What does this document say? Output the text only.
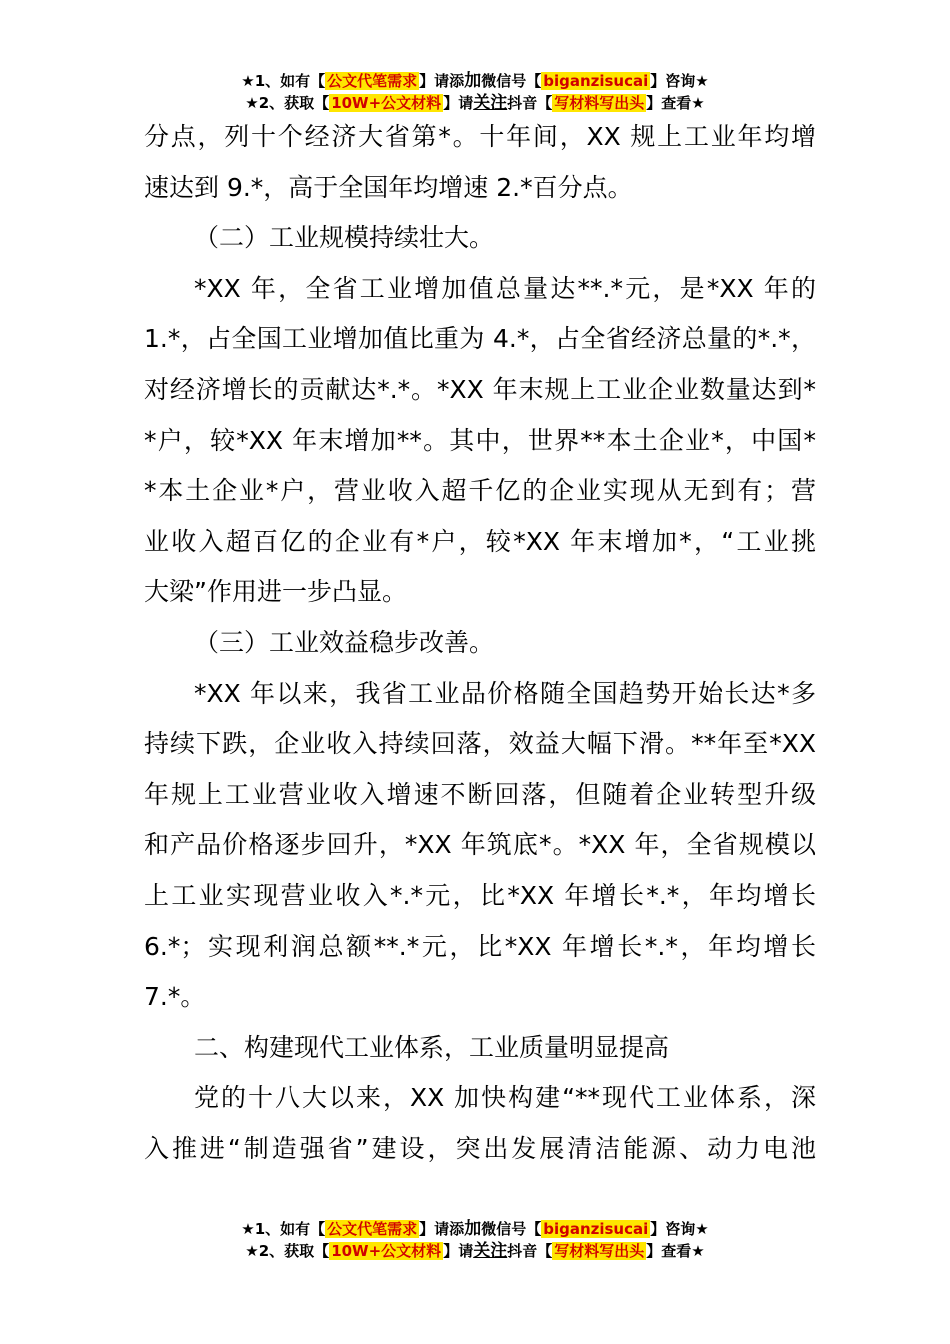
★1、如有【 公文代笔需求 】请添加微信号【 biganzisucai 】咨询★
★2、获取【 10W+公文材料 】请关注抖音【 写材料写出头 】查看★
分点，列十个经济大省第*。十年间，XX 规上工业年均增
速达到 9.*，高于全国年均增速 2.*百分点。
（二）工业规模持续壮大。
*XX 年，全省工业增加值总量达**.*元，是*XX 年的
1.*，占全国工业增加值比重为 4.*，占全省经济总量的*.*，
对经济增长的贡献达*.*。*XX 年末规上工业企业数量达到*
*户，较*XX 年末增加**。其中，世界**本土企业*，中国*
*本土企业*户，营业收入超千亿的企业实现从无到有；营
业收入超百亿的企业有*户，较*XX 年末增加*，“工业挑
大梁”作用进一步凸显。
（三）工业效益稳步改善。
*XX 年以来，我省工业品价格随全国趋势开始长达*多
持续下跌，企业收入持续回落，效益大幅下滑。**年至*XX
年规上工业营业收入增速不断回落，但随着企业转型升级
和产品价格逐步回升，*XX 年筑底*。*XX 年，全省规模以
上工业实现营业收入*.*元，比*XX 年增长*.*，年均增长
6.*；实现利润总额**.*元，比*XX 年增长*.*，年均增长
7.*。
二、构建现代工业体系，工业质量明显提高
党的十八大以来，XX 加快构建“**现代工业体系，深
入推进“制造强省”建设，突出发展清洁能源、动力电池
★1、如有【 公文代笔需求 】请添加微信号【 biganzisucai 】咨询★
★2、获取【 10W+公文材料 】请关注抖音【 写材料写出头 】查看★
